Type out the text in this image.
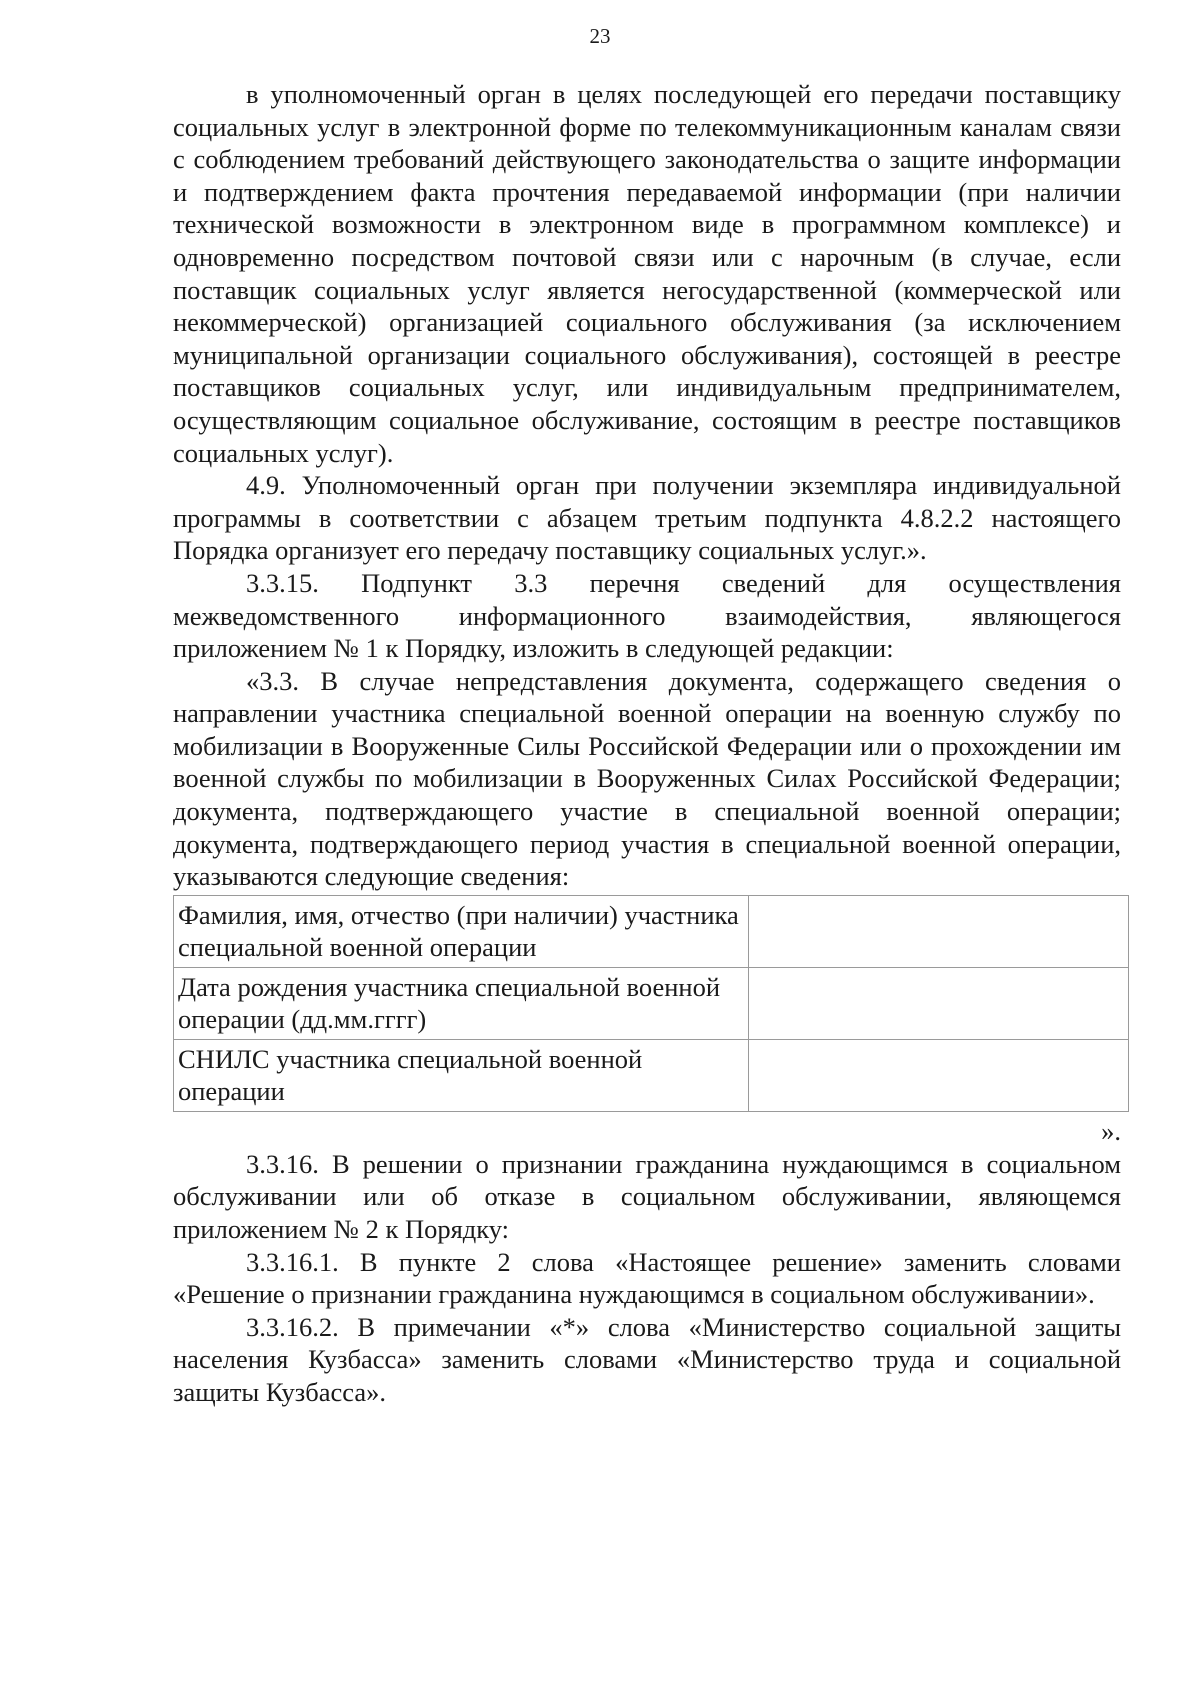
23

в уполномоченный орган в целях последующей его передачи поставщику социальных услуг в электронной форме по телекоммуникационным каналам связи с соблюдением требований действующего законодательства о защите информации и подтверждением факта прочтения передаваемой информации (при наличии технической возможности в электронном виде в программном комплексе) и одновременно посредством почтовой связи или с нарочным (в случае, если поставщик социальных услуг является негосударственной (коммерческой или некоммерческой) организацией социального обслуживания (за исключением муниципальной организации социального обслуживания), состоящей в реестре поставщиков социальных услуг, или индивидуальным предпринимателем, осуществляющим социальное обслуживание, состоящим в реестре поставщиков социальных услуг).

4.9. Уполномоченный орган при получении экземпляра индивидуальной программы в соответствии с абзацем третьим подпункта 4.8.2.2 настоящего Порядка организует его передачу поставщику социальных услуг.».

3.3.15. Подпункт 3.3 перечня сведений для осуществления межведомственного информационного взаимодействия, являющегося приложением № 1 к Порядку, изложить в следующей редакции:

«3.3. В случае непредставления документа, содержащего сведения о направлении участника специальной военной операции на военную службу по мобилизации в Вооруженные Силы Российской Федерации или о прохождении им военной службы по мобилизации в Вооруженных Силах Российской Федерации; документа, подтверждающего участие в специальной военной операции; документа, подтверждающего период участия в специальной военной операции, указываются следующие сведения:

Фамилия, имя, отчество (при наличии) участника специальной военной операции	
Дата рождения участника специальной военной операции (дд.мм.гггг)	
СНИЛС участника специальной военной операции	

».

3.3.16. В решении о признании гражданина нуждающимся в социальном обслуживании или об отказе в социальном обслуживании, являющемся приложением № 2 к Порядку:

3.3.16.1. В пункте 2 слова «Настоящее решение» заменить словами «Решение о признании гражданина нуждающимся в социальном обслуживании».

3.3.16.2. В примечании «*» слова «Министерство социальной защиты населения Кузбасса» заменить словами «Министерство труда и социальной защиты Кузбасса».
